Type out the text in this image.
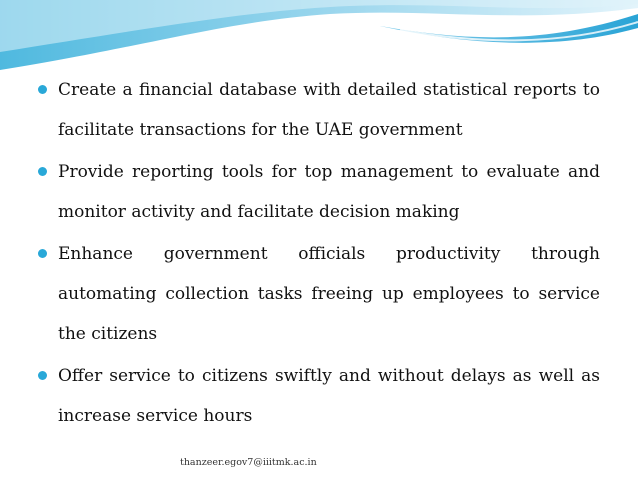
Create a financial database with detailed statistical reports to facilitate transactions for the UAE government
Provide reporting tools for top management to evaluate and monitor activity and facilitate decision making
Enhance government officials productivity through automating collection tasks freeing up employees to service the citizens
Offer service to citizens swiftly and without delays as well as increase service hours
thanzeer.egov7@iiitmk.ac.in
